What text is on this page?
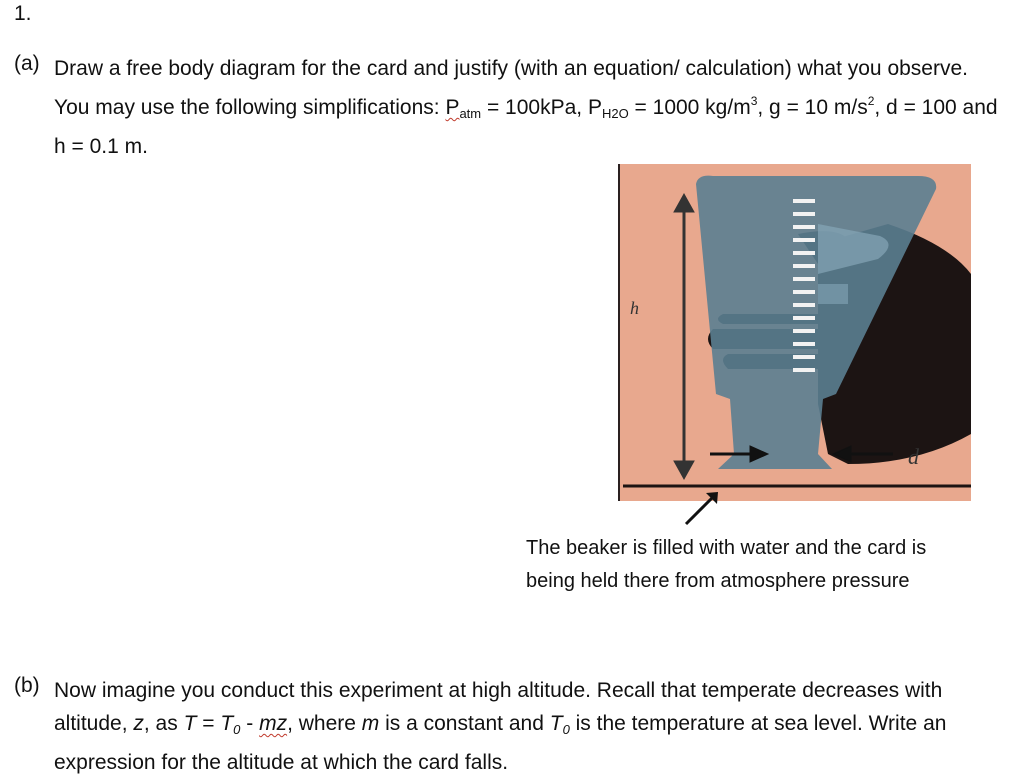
1.
(a) Draw a free body diagram for the card and justify (with an equation/ calculation) what you observe. You may use the following simplifications: $P_{atm} = 100kPa$, $P_{H2O} = 1000$ $kg/m^3$, g = 10 $m/s^2$, d = 100 and h = 0.1 m.
h
d
The beaker is filled with water and the card is
being held there from atmosphere pressure
(b) Now imagine you conduct this experiment at high altitude. Recall that temperate decreases with altitude, z, as $T = T_0$ - mz, where m is a constant and $T_0$ is the temperature at sea level. Write an expression for the altitude at which the card falls.
